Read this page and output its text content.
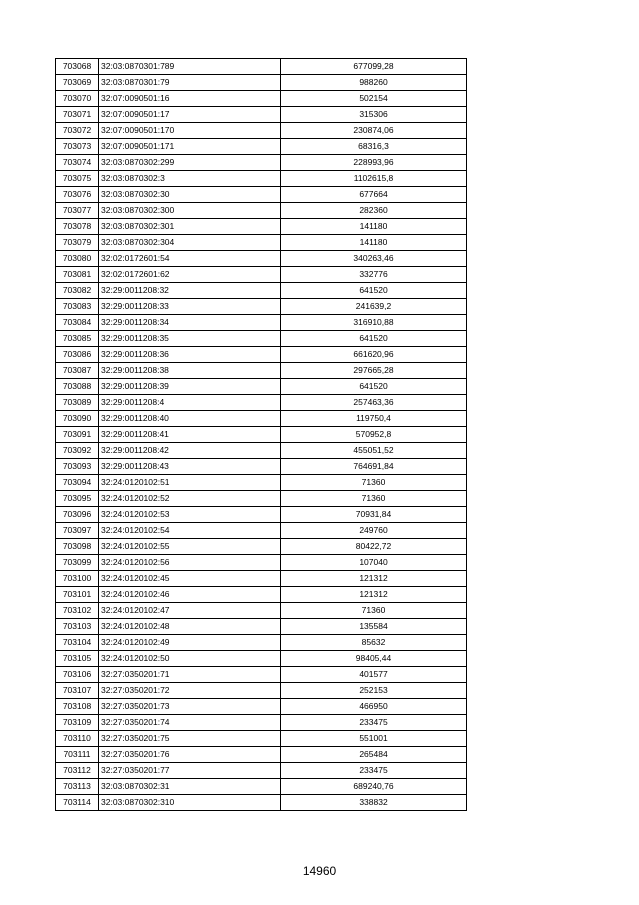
703068	32:03:0870301:789	677099,28
703069	32:03:0870301:79	988260
703070	32:07:0090501:16	502154
703071	32:07:0090501:17	315306
703072	32:07:0090501:170	230874,06
703073	32:07:0090501:171	68316,3
703074	32:03:0870302:299	228993,96
703075	32:03:0870302:3	1102615,8
703076	32:03:0870302:30	677664
703077	32:03:0870302:300	282360
703078	32:03:0870302:301	141180
703079	32:03:0870302:304	141180
703080	32:02:0172601:54	340263,46
703081	32:02:0172601:62	332776
703082	32:29:0011208:32	641520
703083	32:29:0011208:33	241639,2
703084	32:29:0011208:34	316910,88
703085	32:29:0011208:35	641520
703086	32:29:0011208:36	661620,96
703087	32:29:0011208:38	297665,28
703088	32:29:0011208:39	641520
703089	32:29:0011208:4	257463,36
703090	32:29:0011208:40	119750,4
703091	32:29:0011208:41	570952,8
703092	32:29:0011208:42	455051,52
703093	32:29:0011208:43	764691,84
703094	32:24:0120102:51	71360
703095	32:24:0120102:52	71360
703096	32:24:0120102:53	70931,84
703097	32:24:0120102:54	249760
703098	32:24:0120102:55	80422,72
703099	32:24:0120102:56	107040
703100	32:24:0120102:45	121312
703101	32:24:0120102:46	121312
703102	32:24:0120102:47	71360
703103	32:24:0120102:48	135584
703104	32:24:0120102:49	85632
703105	32:24:0120102:50	98405,44
703106	32:27:0350201:71	401577
703107	32:27:0350201:72	252153
703108	32:27:0350201:73	466950
703109	32:27:0350201:74	233475
703110	32:27:0350201:75	551001
703111	32:27:0350201:76	265484
703112	32:27:0350201:77	233475
703113	32:03:0870302:31	689240,76
703114	32:03:0870302:310	338832
14960
